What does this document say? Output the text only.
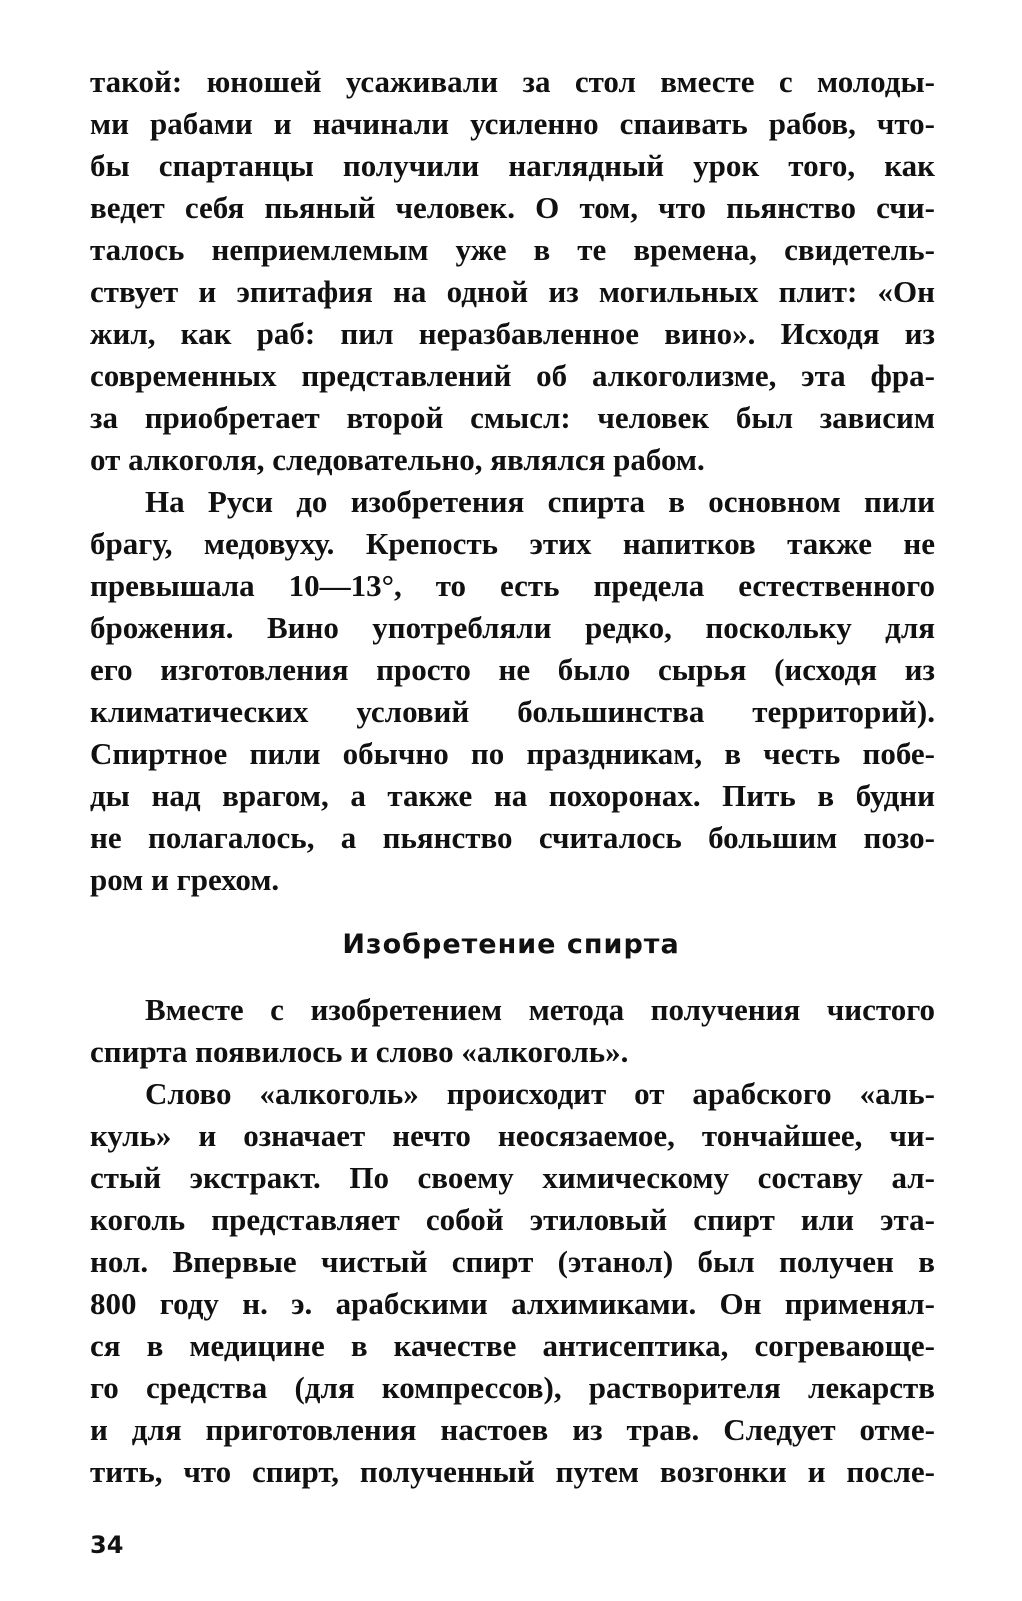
такой: юношей усаживали за стол вместе с молоды-
ми рабами и начинали усиленно спаивать рабов, что-
бы спартанцы получили наглядный урок того, как
ведет себя пьяный человек. О том, что пьянство счи-
талось неприемлемым уже в те времена, свидетель-
ствует и эпитафия на одной из могильных плит: «Он
жил, как раб: пил неразбавленное вино». Исходя из
современных представлений об алкоголизме, эта фра-
за приобретает второй смысл: человек был зависим
от алкоголя, следовательно, являлся рабом.
На Руси до изобретения спирта в основном пили
брагу, медовуху. Крепость этих напитков также не
превышала 10—13°, то есть предела естественного
брожения. Вино употребляли редко, поскольку для
его изготовления просто не было сырья (исходя из
климатических условий большинства территорий).
Спиртное пили обычно по праздникам, в честь побе-
ды над врагом, а также на похоронах. Пить в будни
не полагалось, а пьянство считалось большим позо-
ром и грехом.
Изобретение спирта
Вместе с изобретением метода получения чистого
спирта появилось и слово «алкоголь».
Слово «алкоголь» происходит от арабского «аль-
куль» и означает нечто неосязаемое, тончайшее, чи-
стый экстракт. По своему химическому составу ал-
коголь представляет собой этиловый спирт или эта-
нол. Впервые чистый спирт (этанол) был получен в
800 году н. э. арабскими алхимиками. Он применял-
ся в медицине в качестве антисептика, согревающе-
го средства (для компрессов), растворителя лекарств
и для приготовления настоев из трав. Следует отме-
тить, что спирт, полученный путем возгонки и после-
34
